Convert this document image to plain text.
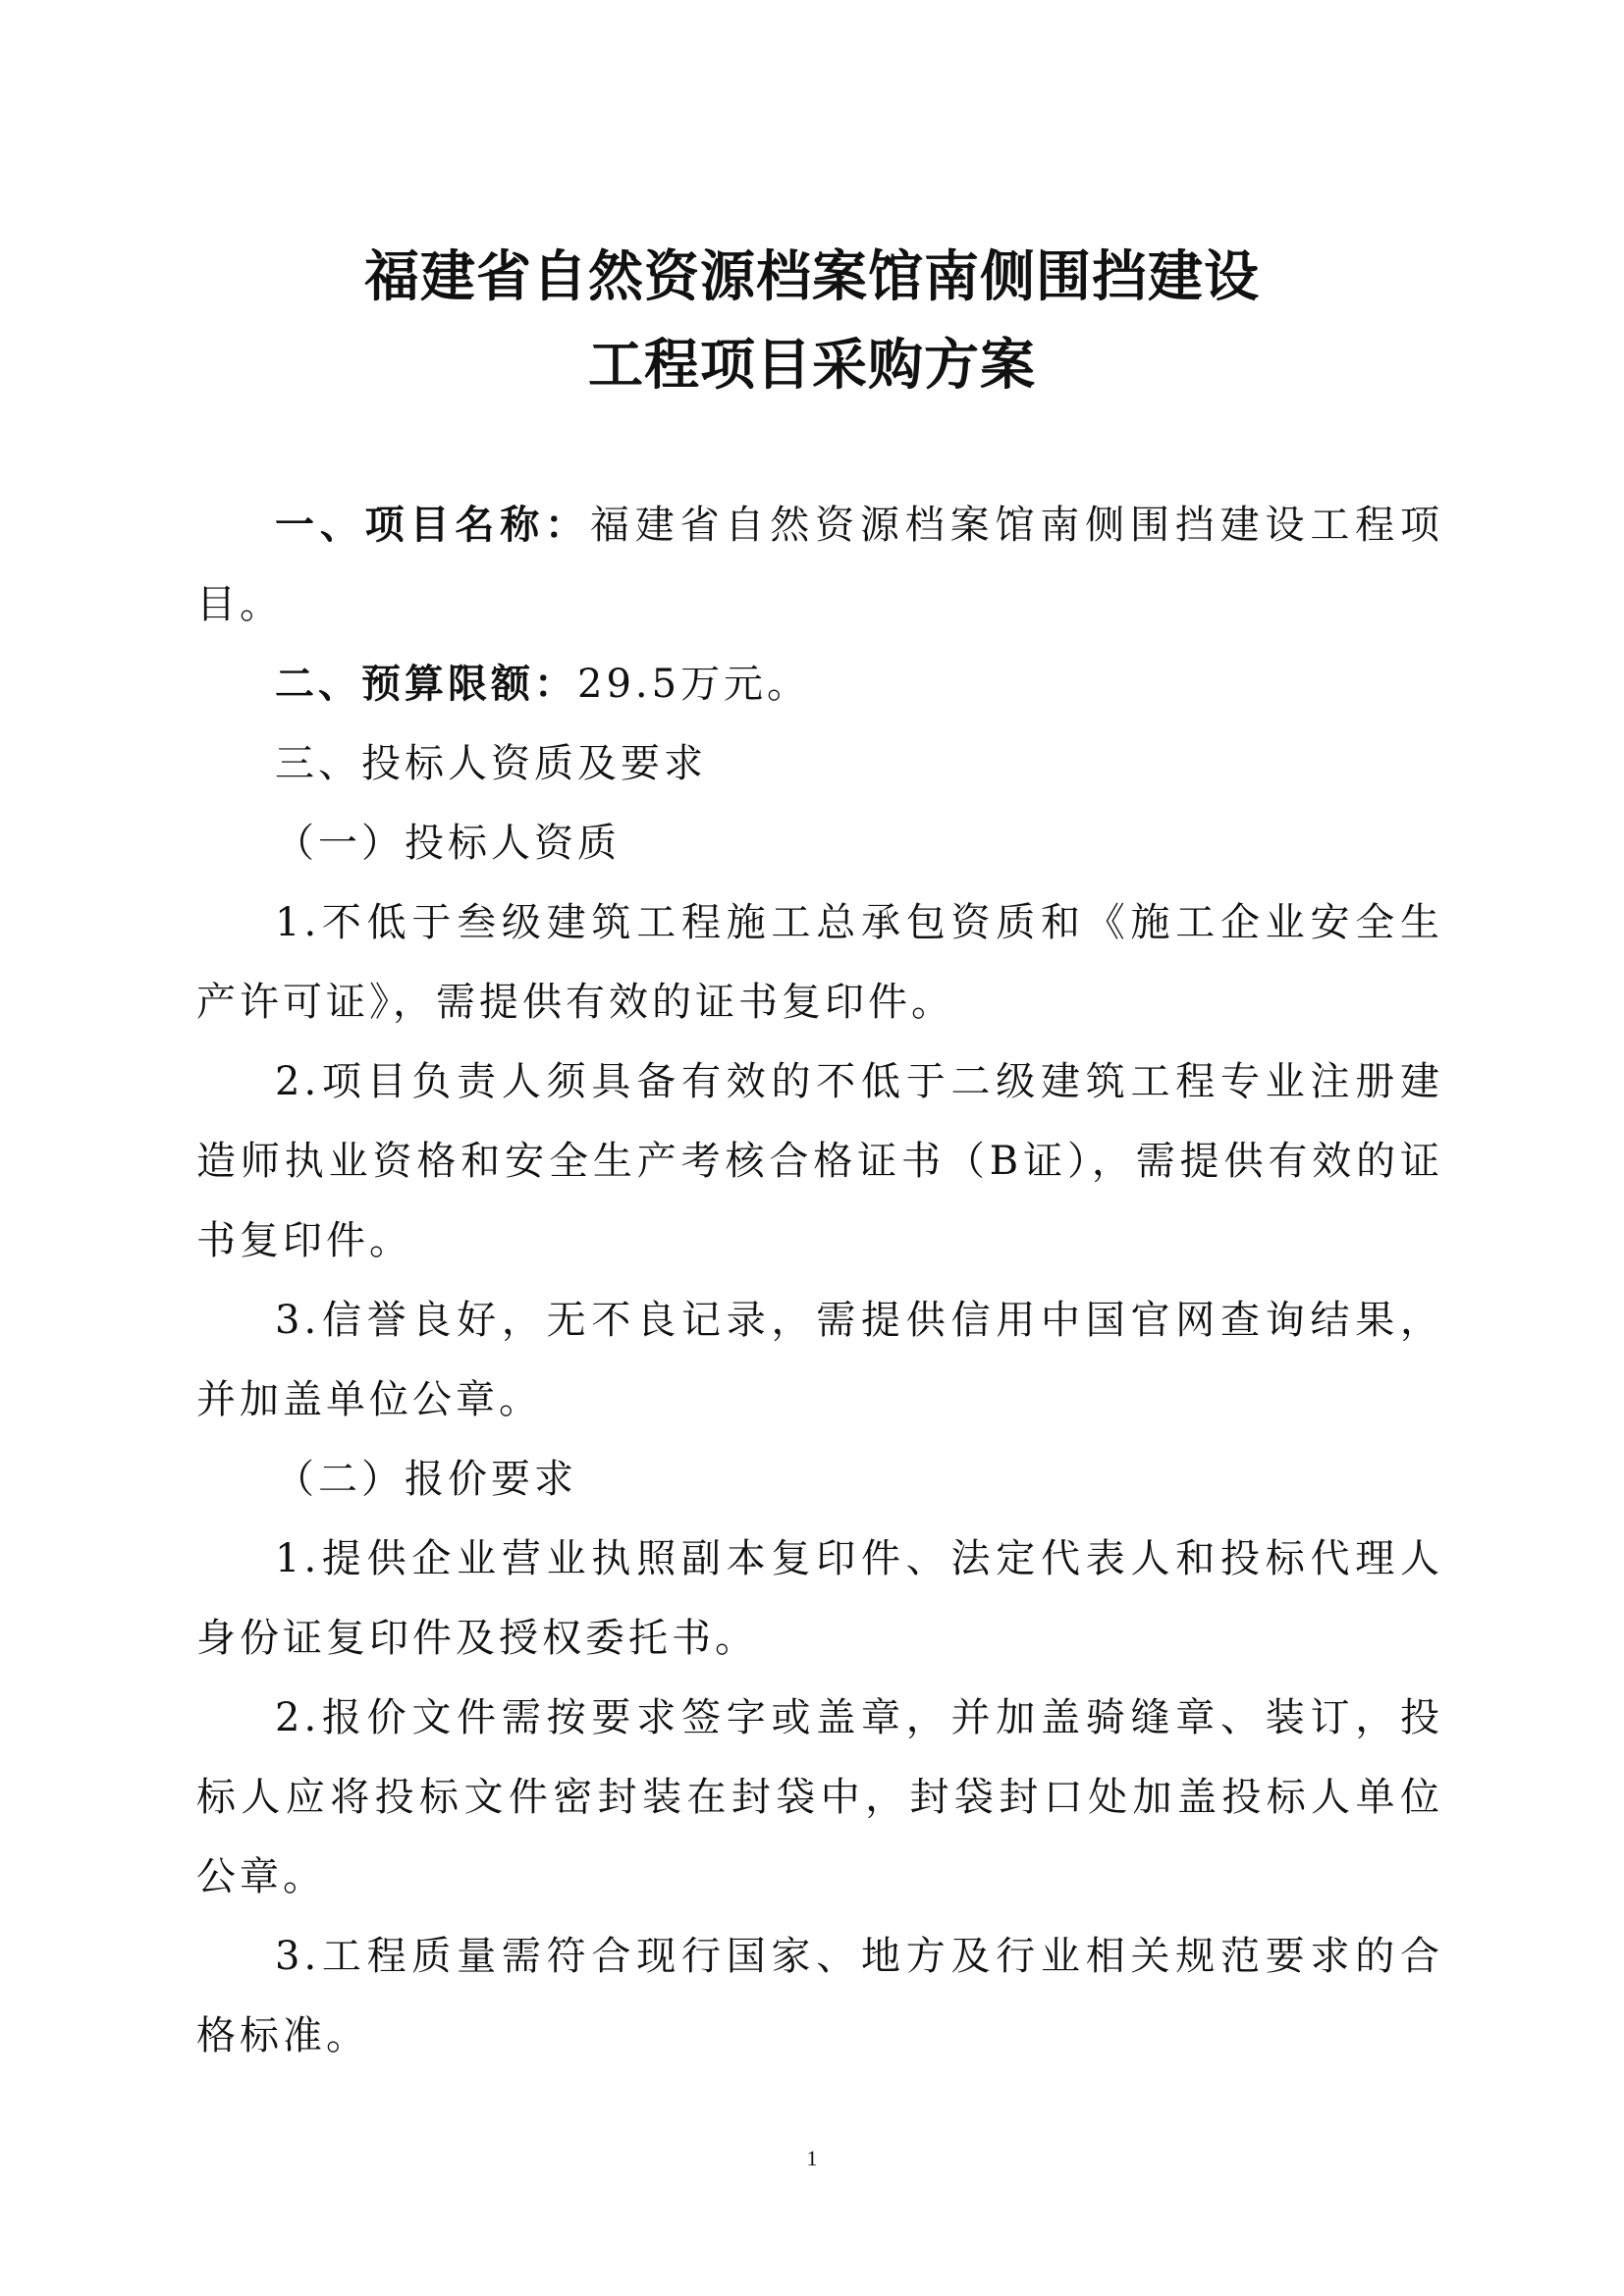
福建省自然资源档案馆南侧围挡建设
工程项目采购方案

一、项目名称：福建省自然资源档案馆南侧围挡建设工程项目。

二、预算限额：29.5万元。

三、投标人资质及要求

（一）投标人资质

1.不低于叁级建筑工程施工总承包资质和《施工企业安全生产许可证》，需提供有效的证书复印件。

2.项目负责人须具备有效的不低于二级建筑工程专业注册建造师执业资格和安全生产考核合格证书（B证），需提供有效的证书复印件。

3.信誉良好，无不良记录，需提供信用中国官网查询结果，并加盖单位公章。

（二）报价要求

1.提供企业营业执照副本复印件、法定代表人和投标代理人身份证复印件及授权委托书。

2.报价文件需按要求签字或盖章，并加盖骑缝章、装订，投标人应将投标文件密封装在封袋中，封袋封口处加盖投标人单位公章。

3.工程质量需符合现行国家、地方及行业相关规范要求的合格标准。

1
